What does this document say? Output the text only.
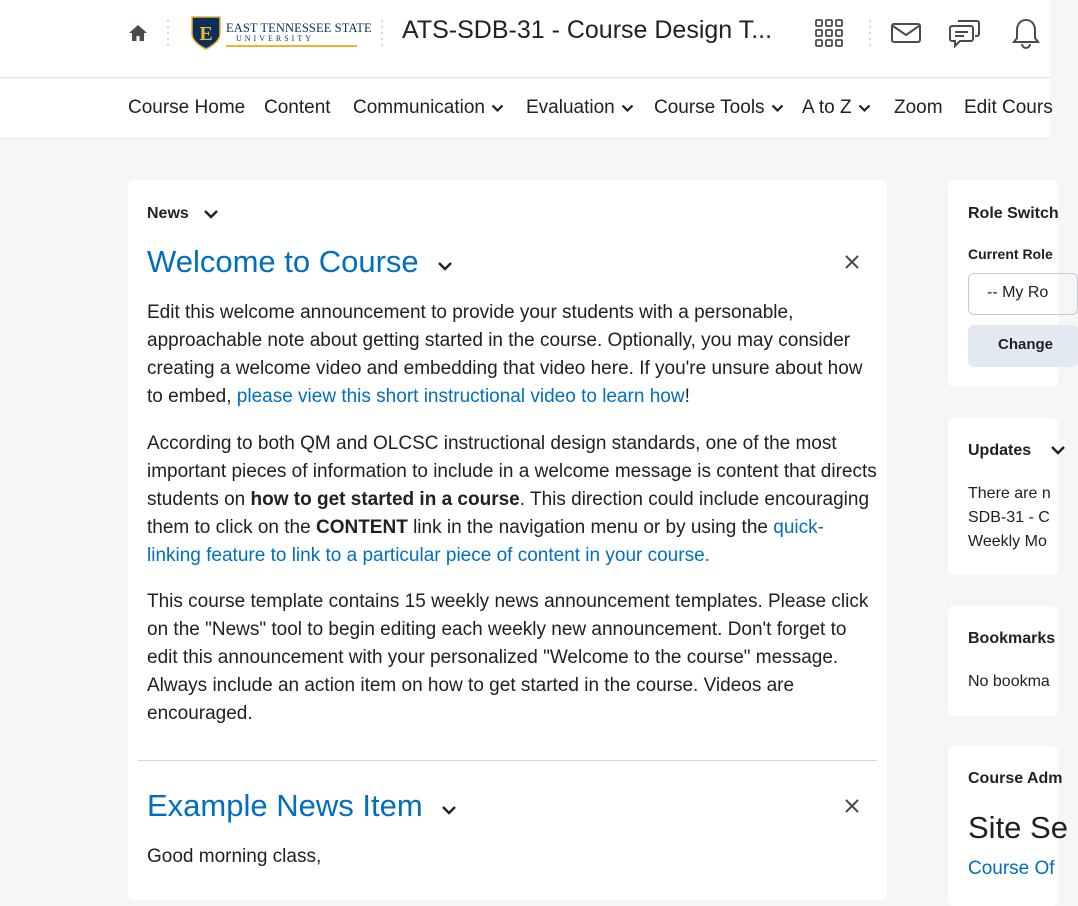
E EAST TENNESSEE STATE
UNIVERSITY	ATS-SDB-31 - Course Design T...
Course Home Content Communication Evaluation Course Tools A to Z Zoom Edit Cours
News
Welcome to Course
Edit this welcome announcement to provide your students with a personable, approachable note about getting started in the course. Optionally, you may consider creating a welcome video and embedding that video here. If you're unsure about how to embed, please view this short instructional video to learn how!
According to both QM and OLCSC instructional design standards, one of the most important pieces of information to include in a welcome message is content that directs students on how to get started in a course. This direction could include encouraging them to click on the CONTENT link in the navigation menu or by using the quick-linking feature to link to a particular piece of content in your course.
This course template contains 15 weekly news announcement templates. Please click on the "News" tool to begin editing each weekly new announcement. Don't forget to edit this announcement with your personalized "Welcome to the course" message. Always include an action item on how to get started in the course. Videos are encouraged.
Example News Item
Good morning class,
Role Switch
Current Role
-- My Ro
Change
Updates
There are n
SDB-31 - C
Weekly Mo
Bookmarks
No bookma
Course Adm
Site Se
Course Of
